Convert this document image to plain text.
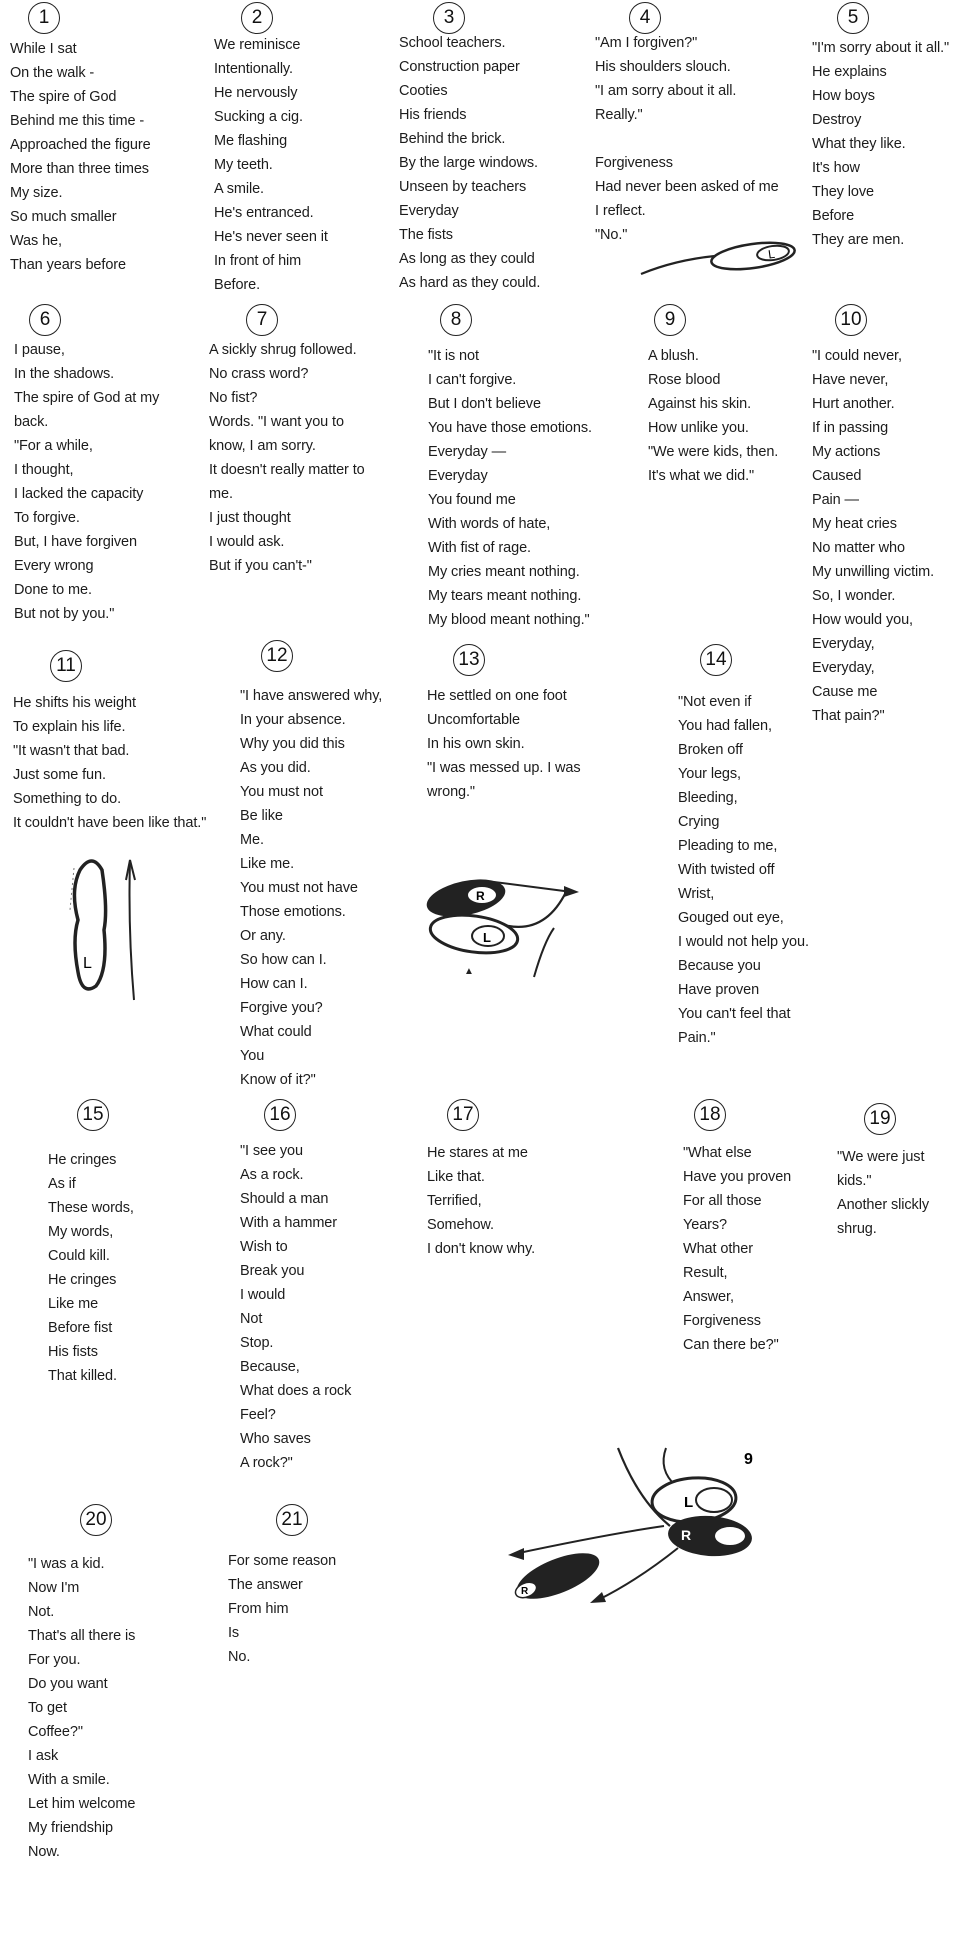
1
While I sat
On the walk -
The spire of God
Behind me this time -
Approached the figure
More than three times
My size.
So much smaller
Was he,
Than years before
2
We reminisce
Intentionally.
He nervously
Sucking a cig.
Me flashing
My teeth.
A smile.
He's entranced.
He's never seen it
In front of him
Before.
3
School teachers.
Construction paper
Cooties
His friends
Behind the brick.
By the large windows.
Unseen by teachers
Everyday
The fists
As long as they could
As hard as they could.
4
"Am I forgiven?"
His shoulders slouch.
"I am sorry about it all.
Really."

Forgiveness
Had never been asked of me
I reflect.
"No."
5
"I'm sorry about it all."
He explains
How boys
Destroy
What they like.
It's how
They love
Before
They are men.
6
I pause,
In the shadows.
The spire of God at my back.
"For a while,
I thought,
I lacked the capacity
To forgive.
But, I have forgiven
Every wrong
Done to me.
But not by you."
7
A sickly shrug followed.
No crass word?
No fist?
Words. "I want you to know, I am sorry.
It doesn't really matter to me.
I just thought
I would ask.
But if you can't-"
8
"It is not
I can't forgive.
But I don't believe
You have those emotions.
Everyday —
Everyday
You found me
With words of hate,
With fist of rage.
My cries meant nothing.
My tears meant nothing.
My blood meant nothing."
9
A blush.
Rose blood
Against his skin.
How unlike you.
"We were kids, then.
It's what we did."
10
"I could never,
Have never,
Hurt another.
If in passing
My actions
Caused
Pain —
My heat cries
No matter who
My unwilling victim.
So, I wonder.
How would you,
Everyday,
Everyday,
Cause me
That pain?"
11
He shifts his weight
To explain his life.
"It wasn't that bad.
Just some fun.
Something to do.
It couldn't have been like that."
12
"I have answered why,
In your absence.
Why you did this
As you did.
You must not
Be like
Me.
Like me.
You must not have
Those emotions.
Or any.
So how can I.
How can I.
Forgive you?
What could
You
Know of it?"
13
He settled on one foot
Uncomfortable
In his own skin.
"I was messed up. I was wrong."
14
"Not even if
You had fallen,
Broken off
Your legs,
Bleeding,
Crying
Pleading to me,
With twisted off
Wrist,
Gouged out eye,
I would not help you.
Because you
Have proven
You can't feel that
Pain."
15
He cringes
As if
These words,
My words,
Could kill.
He cringes
Like me
Before fist
His fists
That killed.
16
"I see you
As a rock.
Should a man
With a hammer
Wish to
Break you
I would
Not
Stop.
Because,
What does a rock
Feel?
Who saves
A rock?"
17
He stares at me
Like that.
Terrified,
Somehow.
I don't know why.
18
"What else
Have you proven
For all those
Years?
What other
Result,
Answer,
Forgiveness
Can there be?"
19
"We were just kids."
Another slickly shrug.
20
"I was a kid.
Now I'm
Not.
That's all there is
For you.
Do you want
To get
Coffee?"
I ask
With a smile.
Let him welcome
My friendship
Now.
21
For some reason
The answer
From him
Is
No.
L
L
R
L
▲
L
R
R
9
